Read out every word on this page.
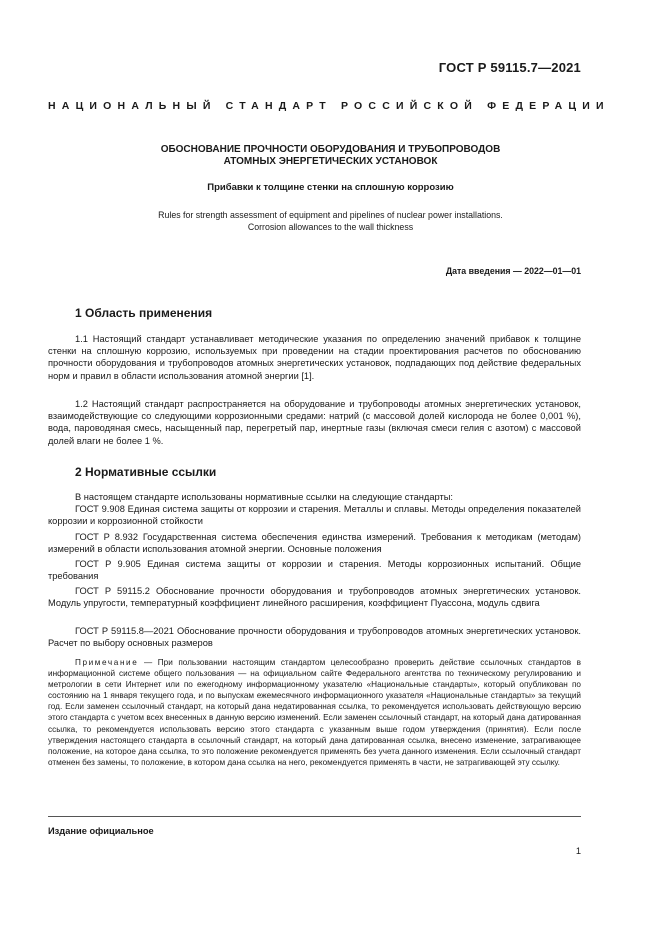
ГОСТ Р 59115.7—2021
НАЦИОНАЛЬНЫЙ СТАНДАРТ РОССИЙСКОЙ ФЕДЕРАЦИИ
ОБОСНОВАНИЕ ПРОЧНОСТИ ОБОРУДОВАНИЯ И ТРУБОПРОВОДОВ
АТОМНЫХ ЭНЕРГЕТИЧЕСКИХ УСТАНОВОК
Прибавки к толщине стенки на сплошную коррозию
Rules for strength assessment of equipment and pipelines of nuclear power installations.
Corrosion allowances to the wall thickness
Дата введения — 2022—01—01
1 Область применения
1.1 Настоящий стандарт устанавливает методические указания по определению значений прибавок к толщине стенки на сплошную коррозию, используемых при проведении на стадии проектирования расчетов по обоснованию прочности оборудования и трубопроводов атомных энергетических установок, подпадающих под действие федеральных норм и правил в области использования атомной энергии [1].
1.2 Настоящий стандарт распространяется на оборудование и трубопроводы атомных энергетических установок, взаимодействующие со следующими коррозионными средами: натрий (с массовой долей кислорода не более 0,001 %), вода, пароводяная смесь, насыщенный пар, перегретый пар, инертные газы (включая смеси гелия с азотом) с массовой долей влаги не более 1 %.
2 Нормативные ссылки
В настоящем стандарте использованы нормативные ссылки на следующие стандарты:
ГОСТ 9.908 Единая система защиты от коррозии и старения. Металлы и сплавы. Методы определения показателей коррозии и коррозионной стойкости
ГОСТ Р 8.932 Государственная система обеспечения единства измерений. Требования к методикам (методам) измерений в области использования атомной энергии. Основные положения
ГОСТ Р 9.905 Единая система защиты от коррозии и старения. Методы коррозионных испытаний. Общие требования
ГОСТ Р 59115.2 Обоснование прочности оборудования и трубопроводов атомных энергетических установок. Модуль упругости, температурный коэффициент линейного расширения, коэффициент Пуассона, модуль сдвига
ГОСТ Р 59115.8—2021 Обоснование прочности оборудования и трубопроводов атомных энергетических установок. Расчет по выбору основных размеров
Примечание — При пользовании настоящим стандартом целесообразно проверить действие ссылочных стандартов в информационной системе общего пользования — на официальном сайте Федерального агентства по техническому регулированию и метрологии в сети Интернет или по ежегодному информационному указателю «Национальные стандарты», который опубликован по состоянию на 1 января текущего года, и по выпускам ежемесячного информационного указателя «Национальные стандарты» за текущий год. Если заменен ссылочный стандарт, на который дана недатированная ссылка, то рекомендуется использовать действующую версию этого стандарта с учетом всех внесенных в данную версию изменений. Если заменен ссылочный стандарт, на который дана датированная ссылка, то рекомендуется использовать версию этого стандарта с указанным выше годом утверждения (принятия). Если после утверждения настоящего стандарта в ссылочный стандарт, на который дана датированная ссылка, внесено изменение, затрагивающее положение, на которое дана ссылка, то это положение рекомендуется применять без учета данного изменения. Если ссылочный стандарт отменен без замены, то положение, в котором дана ссылка на него, рекомендуется применять в части, не затрагивающей эту ссылку.
Издание официальное
1
